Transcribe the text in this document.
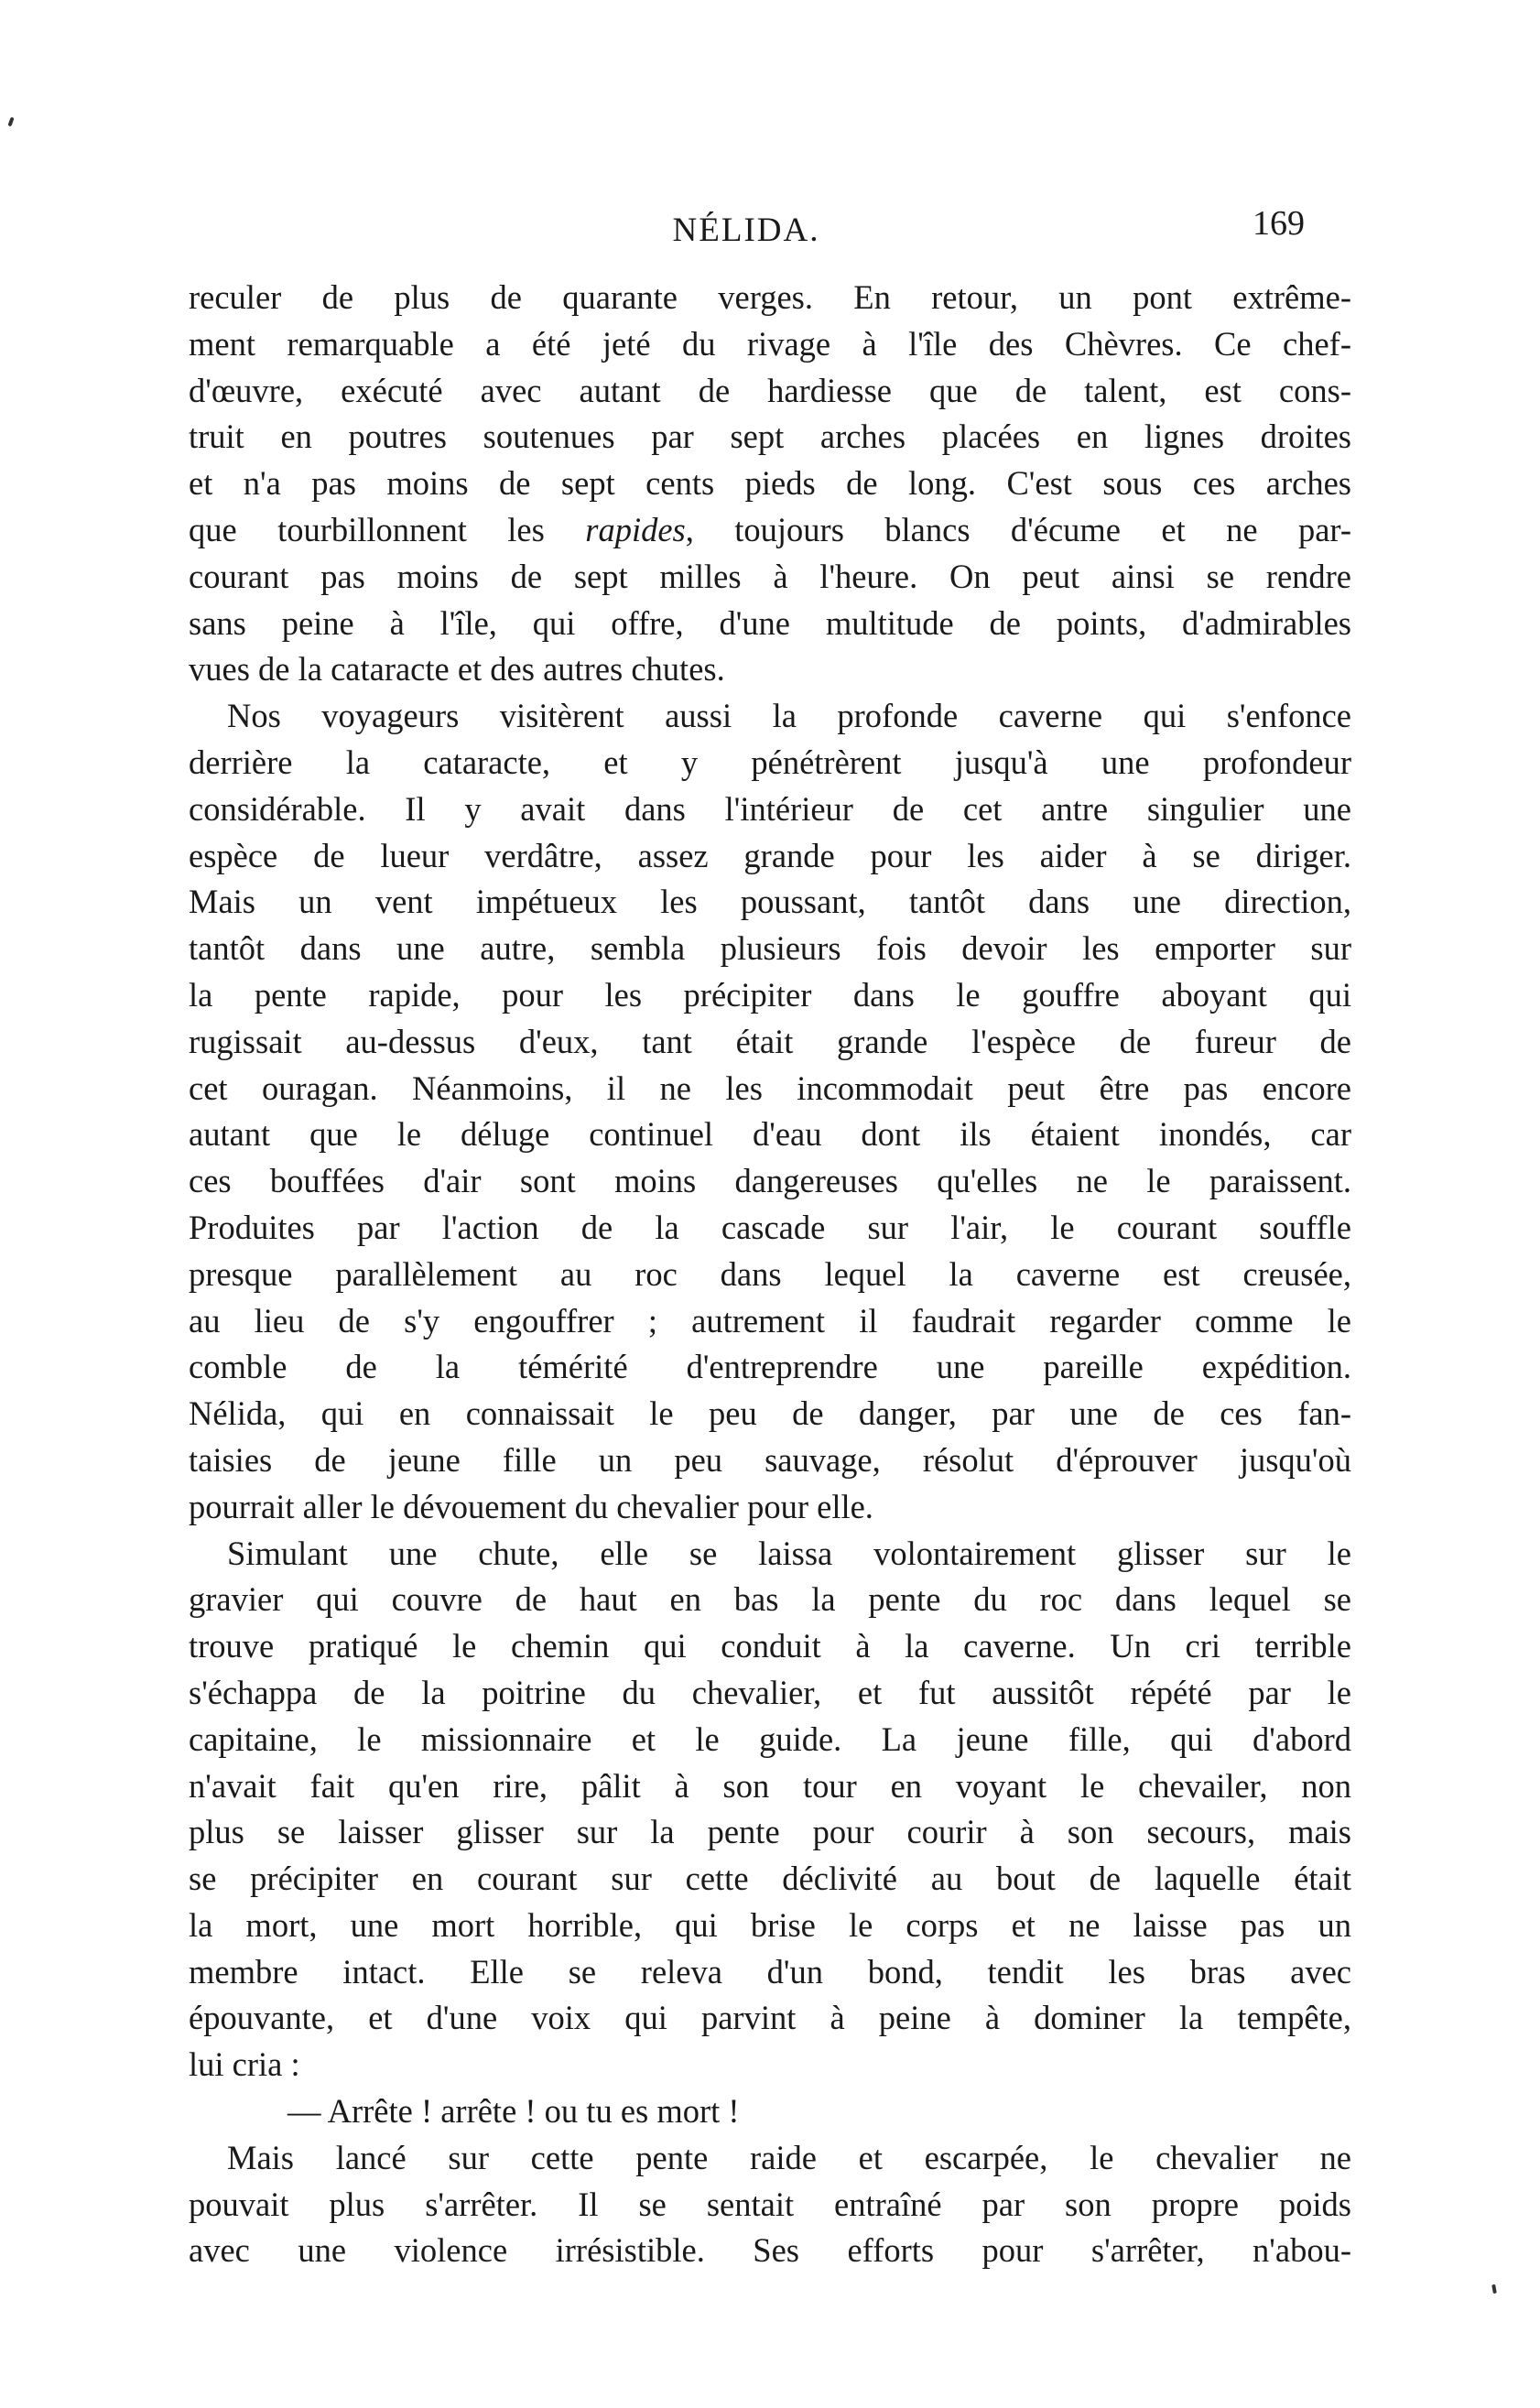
NÉLIDA.	169
reculer de plus de quarante verges. En retour, un pont extrême-
ment remarquable a été jeté du rivage à l'île des Chèvres. Ce chef-
d'œuvre, exécuté avec autant de hardiesse que de talent, est cons-
truit en poutres soutenues par sept arches placées en lignes droites
et n'a pas moins de sept cents pieds de long. C'est sous ces arches
que tourbillonnent les rapides, toujours blancs d'écume et ne par-
courant pas moins de sept milles à l'heure. On peut ainsi se rendre
sans peine à l'île, qui offre, d'une multitude de points, d'admirables
vues de la cataracte et des autres chutes.
Nos voyageurs visitèrent aussi la profonde caverne qui s'enfonce
derrière la cataracte, et y pénétrèrent jusqu'à une profondeur
considérable. Il y avait dans l'intérieur de cet antre singulier une
espèce de lueur verdâtre, assez grande pour les aider à se diriger.
Mais un vent impétueux les poussant, tantôt dans une direction,
tantôt dans une autre, sembla plusieurs fois devoir les emporter sur
la pente rapide, pour les précipiter dans le gouffre aboyant qui
rugissait au-dessus d'eux, tant était grande l'espèce de fureur de
cet ouragan. Néanmoins, il ne les incommodait peut être pas encore
autant que le déluge continuel d'eau dont ils étaient inondés, car
ces bouffées d'air sont moins dangereuses qu'elles ne le paraissent.
Produites par l'action de la cascade sur l'air, le courant souffle
presque parallèlement au roc dans lequel la caverne est creusée,
au lieu de s'y engouffrer ; autrement il faudrait regarder comme le
comble de la témérité d'entreprendre une pareille expédition.
Nélida, qui en connaissait le peu de danger, par une de ces fan-
taisies de jeune fille un peu sauvage, résolut d'éprouver jusqu'où
pourrait aller le dévouement du chevalier pour elle.
Simulant une chute, elle se laissa volontairement glisser sur le
gravier qui couvre de haut en bas la pente du roc dans lequel se
trouve pratiqué le chemin qui conduit à la caverne. Un cri terrible
s'échappa de la poitrine du chevalier, et fut aussitôt répété par le
capitaine, le missionnaire et le guide. La jeune fille, qui d'abord
n'avait fait qu'en rire, pâlit à son tour en voyant le chevailer, non
plus se laisser glisser sur la pente pour courir à son secours, mais
se précipiter en courant sur cette déclivité au bout de laquelle était
la mort, une mort horrible, qui brise le corps et ne laisse pas un
membre intact. Elle se releva d'un bond, tendit les bras avec
épouvante, et d'une voix qui parvint à peine à dominer la tempête,
lui cria :
— Arrête ! arrête ! ou tu es mort !
Mais lancé sur cette pente raide et escarpée, le chevalier ne
pouvait plus s'arrêter. Il se sentait entraîné par son propre poids
avec une violence irrésistible. Ses efforts pour s'arrêter, n'abou-
